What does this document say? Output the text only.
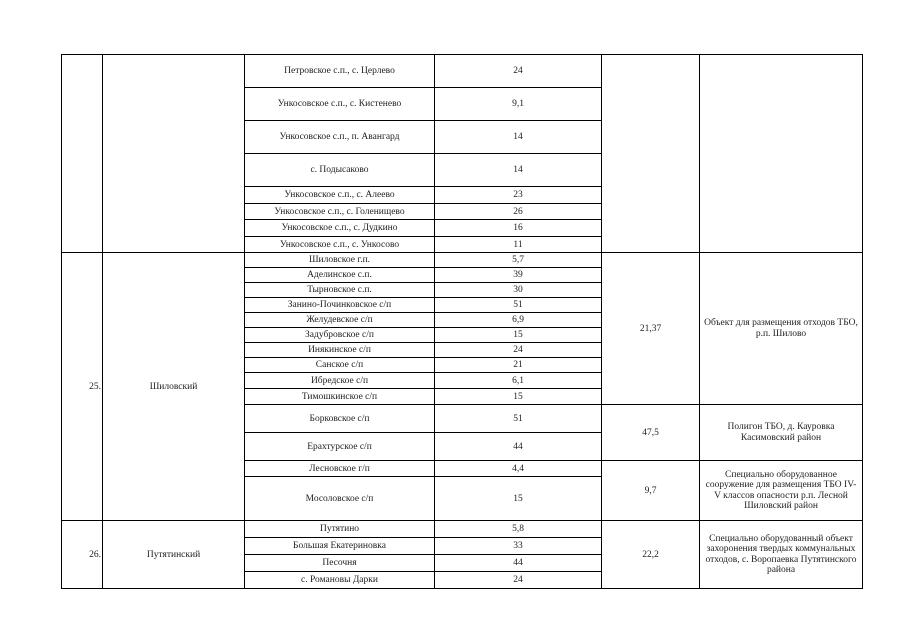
		Петровское с.п., с. Церлево	24		
		Ункосовское с.п., с. Кистенево	9,1		
		Ункосовское с.п., п. Авангард	14		
		с. Подысаково	14		
		Ункосовское с.п., с. Алеево	23		
		Ункосовское с.п., с. Голенищево	26		
		Ункосовское с.п., с. Дудкино	16		
		Ункосовское с.п., с. Ункосово	11		
25.	Шиловский	Шиловское г.п.	5,7	21,37	Объект для размещения отходов ТБО, р.п. Шилово
		Аделинское с.п.	39		
		Тырновское с.п.	30		
		Занино-Починковское с/п	51		
		Желудевское с/п	6,9		
		Задубровское с/п	15		
		Инякинское с/п	24		
		Санское с/п	21		
		Ибредское с/п	6,1		
		Тимошкинское с/п	15		
		Борковское с/п	51	47,5	Полигон ТБО, д. Кауровка Касимовский район
		Ерахтурское с/п	44		
		Лесновское г/п	4,4	9,7	Специально оборудованное сооружение для размещения ТБО IV-V классов опасности р.п. Лесной Шиловский район
		Мосоловское с/п	15		
26.	Путятинский	Путятино	5,8	22,2	Специально оборудованный объект захоронения твердых коммунальных отходов, с. Воропаевка Путятинского района
		Большая Екатериновка	33		
		Песочня	44		
		с. Романовы Дарки	24		
